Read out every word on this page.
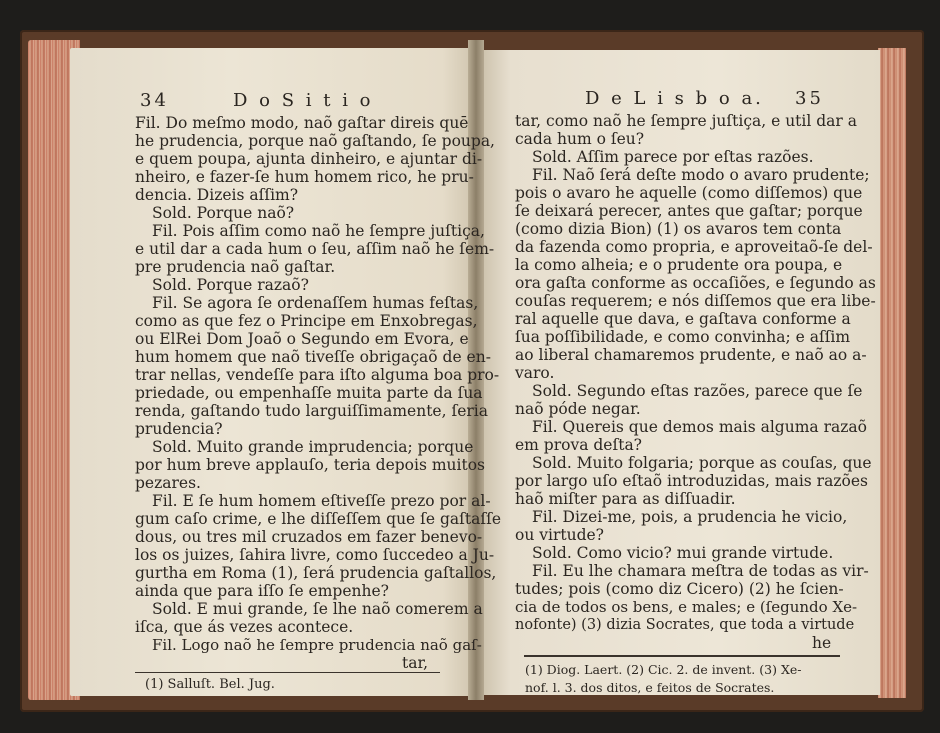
34	D o S i t i o	D e L i s b o a. 35
Fil. Do meſmo modo, naõ gaſtar direis quē
he prudencia, porque naõ gaſtando, ſe poupa,
e quem poupa, ajunta dinheiro, e ajuntar di-
nheiro, e fazer-ſe hum homem rico, he pru-
dencia. Dizeis aſſim?
Sold. Porque naõ?
Fil. Pois aſſim como naõ he ſempre juſtiça,
e util dar a cada hum o ſeu, aſſim naõ he ſem-
pre prudencia naõ gaſtar.
Sold. Porque razaõ?
Fil. Se agora ſe ordenaſſem humas feſtas,
como as que fez o Principe em Enxobregas,
ou ElRei Dom Joaõ o Segundo em Evora, e
hum homem que naõ tiveſſe obrigaçaõ de en-
trar nellas, vendeſſe para iſto alguma boa pro-
priedade, ou empenhaſſe muita parte da ſua
renda, gaſtando tudo larguiſſimamente, ſeria
prudencia?
Sold. Muito grande imprudencia; porque
por hum breve applauſo, teria depois muitos
pezares.
Fil. E ſe hum homem eſtiveſſe prezo por al-
gum caſo crime, e lhe diſſeſſem que ſe gaſtaſſe
dous, ou tres mil cruzados em fazer benevo-
los os juizes, ſahira livre, como ſuccedeo a Ju-
gurtha em Roma (1), ſerá prudencia gaſtallos,
ainda que para iſſo ſe empenhe?
Sold. E mui grande, ſe lhe naõ comerem a
iſca, que ás vezes acontece.
Fil. Logo naõ he ſempre prudencia naõ gaſ-
tar,
(1) Salluſt. Bel. Jug.
tar, como naõ he ſempre juſtiça, e util dar a
cada hum o ſeu?
Sold. Aſſim parece por eſtas razões.
Fil. Naõ ſerá deſte modo o avaro prudente;
pois o avaro he aquelle (como diſſemos) que
ſe deixará perecer, antes que gaſtar; porque
(como dizia Bion) (1) os avaros tem conta
da fazenda como propria, e aproveitaõ-ſe del-
la como alheia; e o prudente ora poupa, e
ora gaſta conforme as occaſiões, e ſegundo as
couſas requerem; e nós diſſemos que era libe-
ral aquelle que dava, e gaſtava conforme a
ſua poſſibilidade, e como convinha; e aſſim
ao liberal chamaremos prudente, e naõ ao a-
varo.
Sold. Segundo eſtas razões, parece que ſe
naõ póde negar.
Fil. Quereis que demos mais alguma razaõ
em prova deſta?
Sold. Muito folgaria; porque as couſas, que
por largo uſo eſtaõ introduzidas, mais razões
haõ miſter para as diſſuadir.
Fil. Dizei-me, pois, a prudencia he vicio,
ou virtude?
Sold. Como vicio? mui grande virtude.
Fil. Eu lhe chamara meſtra de todas as vir-
tudes; pois (como diz Cicero) (2) he ſcien-
cia de todos os bens, e males; e (ſegundo Xe-
nofonte) (3) dizia Socrates, que toda a virtude
he
(1) Diog. Laert. (2) Cic. 2. de invent. (3) Xe-
nof. l. 3. dos ditos, e feitos de Socrates.
